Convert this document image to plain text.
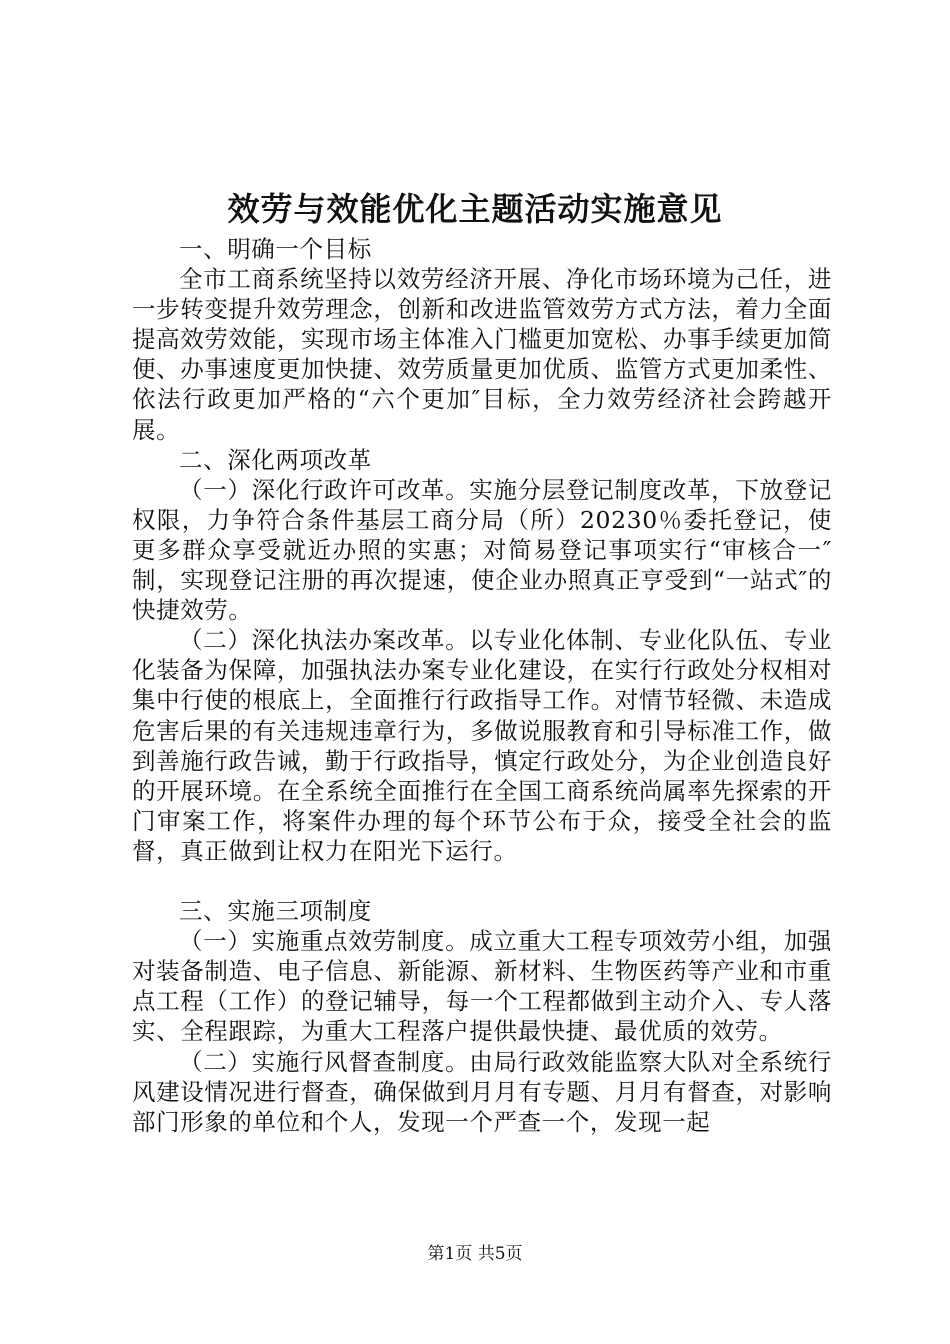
效劳与效能优化主题活动实施意见

一、明确一个目标

全市工商系统坚持以效劳经济开展、净化市场环境为己任，进一步转变提升效劳理念，创新和改进监管效劳方式方法，着力全面提高效劳效能，实现市场主体准入门槛更加宽松、办事手续更加简便、办事速度更加快捷、效劳质量更加优质、监管方式更加柔性、依法行政更加严格的“六个更加″目标，全力效劳经济社会跨越开展。

二、深化两项改革

（一）深化行政许可改革。实施分层登记制度改革，下放登记权限，力争符合条件基层工商分局（所）20230％委托登记，使更多群众享受就近办照的实惠；对简易登记事项实行“审核合一″制，实现登记注册的再次提速，使企业办照真正亨受到“一站式″的快捷效劳。

（二）深化执法办案改革。以专业化体制、专业化队伍、专业化装备为保障，加强执法办案专业化建设，在实行行政处分权相对集中行使的根底上，全面推行行政指导工作。对情节轻微、未造成危害后果的有关违规违章行为，多做说服教育和引导标准工作，做到善施行政告诫，勤于行政指导，慎定行政处分，为企业创造良好的开展环境。在全系统全面推行在全国工商系统尚属率先探索的开门审案工作，将案件办理的每个环节公布于众，接受全社会的监督，真正做到让权力在阳光下运行。

三、实施三项制度

（一）实施重点效劳制度。成立重大工程专项效劳小组，加强对装备制造、电子信息、新能源、新材料、生物医药等产业和市重点工程（工作）的登记辅导，每一个工程都做到主动介入、专人落实、全程跟踪，为重大工程落户提供最快捷、最优质的效劳。

（二）实施行风督查制度。由局行政效能监察大队对全系统行风建设情况进行督查，确保做到月月有专题、月月有督查，对影响部门形象的单位和个人，发现一个严查一个，发现一起

第1页 共5页
